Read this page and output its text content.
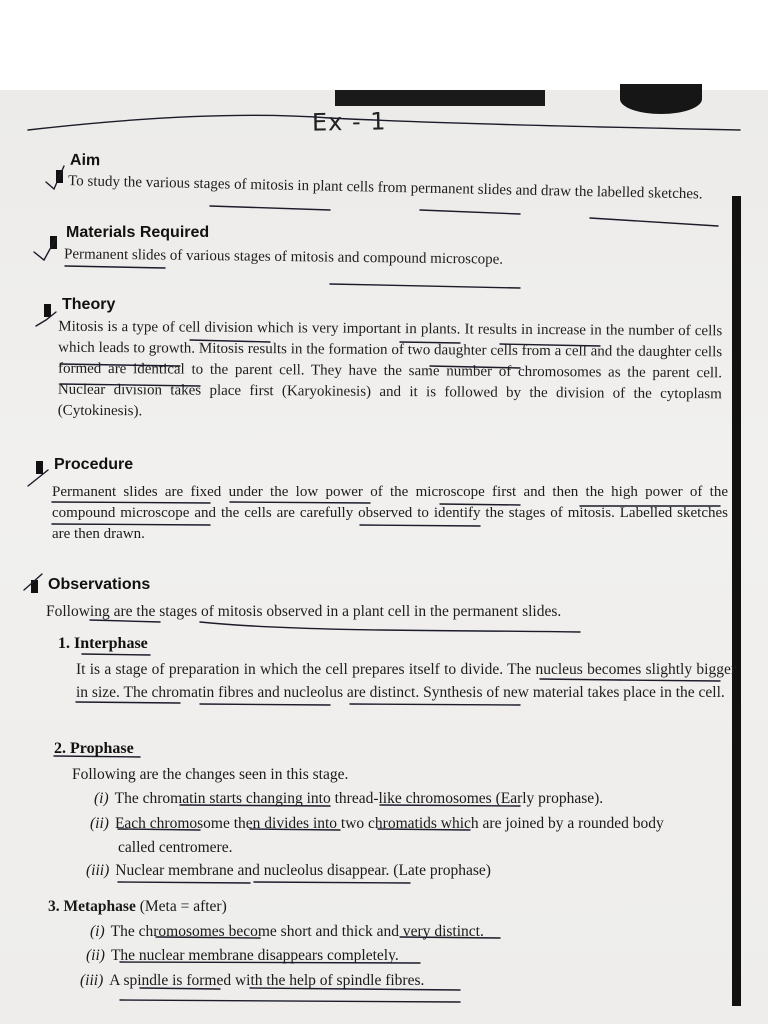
Ex - 1
Aim

To study the various stages of mitosis in plant cells from permanent slides and draw the labelled sketches.

Materials Required

Permanent slides of various stages of mitosis and compound microscope.

Theory

Mitosis is a type of cell division which is very important in plants. It results in increase in the number of cells which leads to growth. Mitosis results in the formation of two daughter cells from a cell and the daughter cells formed are identical to the parent cell. They have the same number of chromosomes as the parent cell. Nuclear division takes place first (Karyokinesis) and it is followed by the division of the cytoplasm (Cytokinesis).

Procedure

Permanent slides are fixed under the low power of the microscope first and then the high power of the compound microscope and the cells are carefully observed to identify the stages of mitosis. Labelled sketches are then drawn.

Observations

Following are the stages of mitosis observed in a plant cell in the permanent slides.

1. Interphase

It is a stage of preparation in which the cell prepares itself to divide. The nucleus becomes slightly bigger in size. The chromatin fibres and nucleolus are distinct. Synthesis of new material takes place in the cell.

2. Prophase
Following are the changes seen in this stage.
(i) The chromatin starts changing into thread-like chromosomes (Early prophase).
(ii) Each chromosome then divides into two chromatids which are joined by a rounded body
called centromere.
(iii) Nuclear membrane and nucleolus disappear. (Late prophase)
3. Metaphase (Meta = after)
(i) The chromosomes become short and thick and very distinct.
(ii) The nuclear membrane disappears completely.
(iii) A spindle is formed with the help of spindle fibres.
